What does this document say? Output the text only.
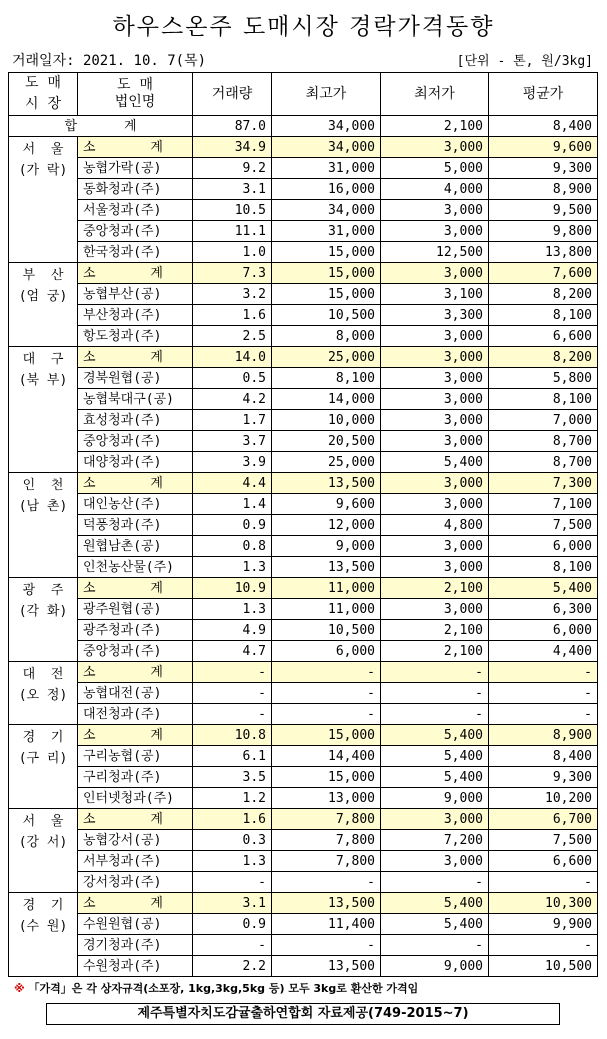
하우스온주 도매시장 경락가격동향
거래일자: 2021. 10. 7(목)	[단위 - 톤, 원/3kg]
도  매
시  장	도  매
법인명	거래량	최고가	최저가	평균가
합      계		87.0	34,000	2,100	8,400
서  울
(가 락)	소       계	34.9	34,000	3,000	9,600
	농협가락(공)	9.2	31,000	5,000	9,300
	동화청과(주)	3.1	16,000	4,000	8,900
	서울청과(주)	10.5	34,000	3,000	9,500
	중앙청과(주)	11.1	31,000	3,000	9,800
	한국청과(주)	1.0	15,000	12,500	13,800
부  산
(엄 궁)	소       계	7.3	15,000	3,000	7,600
	농협부산(공)	3.2	15,000	3,100	8,200
	부산청과(주)	1.6	10,500	3,300	8,100
	항도청과(주)	2.5	8,000	3,000	6,600
대  구
(북 부)	소       계	14.0	25,000	3,000	8,200
	경북원협(공)	0.5	8,100	3,000	5,800
	농협북대구(공)	4.2	14,000	3,000	8,100
	효성청과(주)	1.7	10,000	3,000	7,000
	중앙청과(주)	3.7	20,500	3,000	8,700
	대양청과(주)	3.9	25,000	5,400	8,700
인  천
(남 촌)	소       계	4.4	13,500	3,000	7,300
	대인농산(주)	1.4	9,600	3,000	7,100
	덕풍청과(주)	0.9	12,000	4,800	7,500
	원협남촌(공)	0.8	9,000	3,000	6,000
	인천농산물(주)	1.3	13,500	3,000	8,100
광  주
(각 화)	소       계	10.9	11,000	2,100	5,400
	광주원협(공)	1.3	11,000	3,000	6,300
	광주청과(주)	4.9	10,500	2,100	6,000
	중앙청과(주)	4.7	6,000	2,100	4,400
대  전
(오 정)	소       계	-	-	-	-
	농협대전(공)	-	-	-	-
	대전청과(주)	-	-	-	-
경  기
(구 리)	소       계	10.8	15,000	5,400	8,900
	구리농협(공)	6.1	14,400	5,400	8,400
	구리청과(주)	3.5	15,000	5,400	9,300
	인터넷청과(주)	1.2	13,000	9,000	10,200
서  울
(강 서)	소       계	1.6	7,800	3,000	6,700
	농협강서(공)	0.3	7,800	7,200	7,500
	서부청과(주)	1.3	7,800	3,000	6,600
	강서청과(주)	-	-	-	-
경  기
(수 원)	소       계	3.1	13,500	5,400	10,300
	수원원협(공)	0.9	11,400	5,400	9,900
	경기청과(주)	-	-	-	-
	수원청과(주)	2.2	13,500	9,000	10,500
※ 「가격」은 각 상자규격(소포장, 1kg,3kg,5kg 등) 모두 3kg로 환산한 가격임
제주특별자치도감귤출하연합회 자료제공(749-2015~7)
